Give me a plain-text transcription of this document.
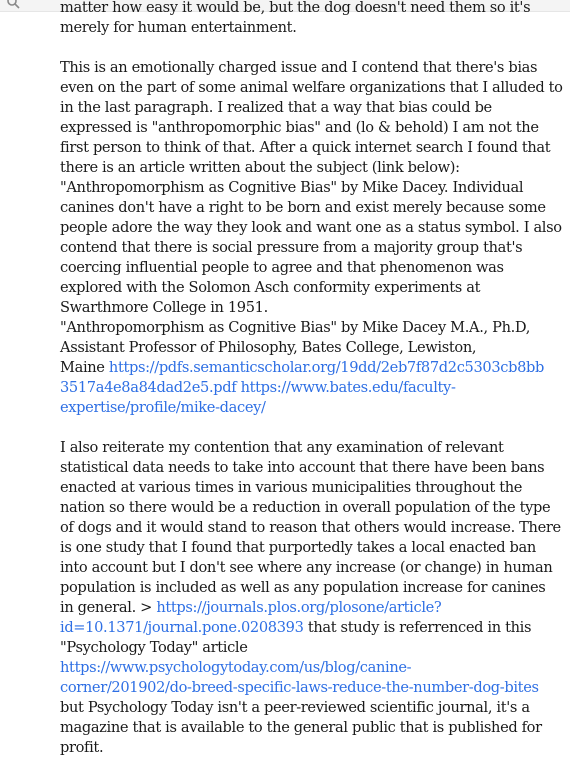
matter how easy it would be, but the dog doesn't need them so it's
merely for human entertainment.
This is an emotionally charged issue and I contend that there's bias
even on the part of some animal welfare organizations that I alluded to
in the last paragraph. I realized that a way that bias could be
expressed is "anthropomorphic bias" and (lo & behold) I am not the
first person to think of that. After a quick internet search I found that
there is an article written about the subject (link below):
"Anthropomorphism as Cognitive Bias" by Mike Dacey. Individual
canines don't have a right to be born and exist merely because some
people adore the way they look and want one as a status symbol. I also
contend that there is social pressure from a majority group that's
coercing influential people to agree and that phenomenon was
explored with the Solomon Asch conformity experiments at
Swarthmore College in 1951.
"Anthropomorphism as Cognitive Bias" by Mike Dacey M.A., Ph.D,
Assistant Professor of Philosophy, Bates College, Lewiston,
Maine https://pdfs.semanticscholar.org/19dd/2eb7f87d2c5303cb8bb
3517a4e8a84dad2e5.pdf https://www.bates.edu/faculty-
expertise/profile/mike-dacey/
I also reiterate my contention that any examination of relevant
statistical data needs to take into account that there have been bans
enacted at various times in various municipalities throughout the
nation so there would be a reduction in overall population of the type
of dogs and it would stand to reason that others would increase. There
is one study that I found that purportedly takes a local enacted ban
into account but I don't see where any increase (or change) in human
population is included as well as any population increase for canines
in general. > https://journals.plos.org/plosone/article?
id=10.1371/journal.pone.0208393 that study is referrenced in this
"Psychology Today" article
https://www.psychologytoday.com/us/blog/canine-
corner/201902/do-breed-specific-laws-reduce-the-number-dog-bites
but Psychology Today isn't a peer-reviewed scientific journal, it's a
magazine that is available to the general public that is published for
profit.
